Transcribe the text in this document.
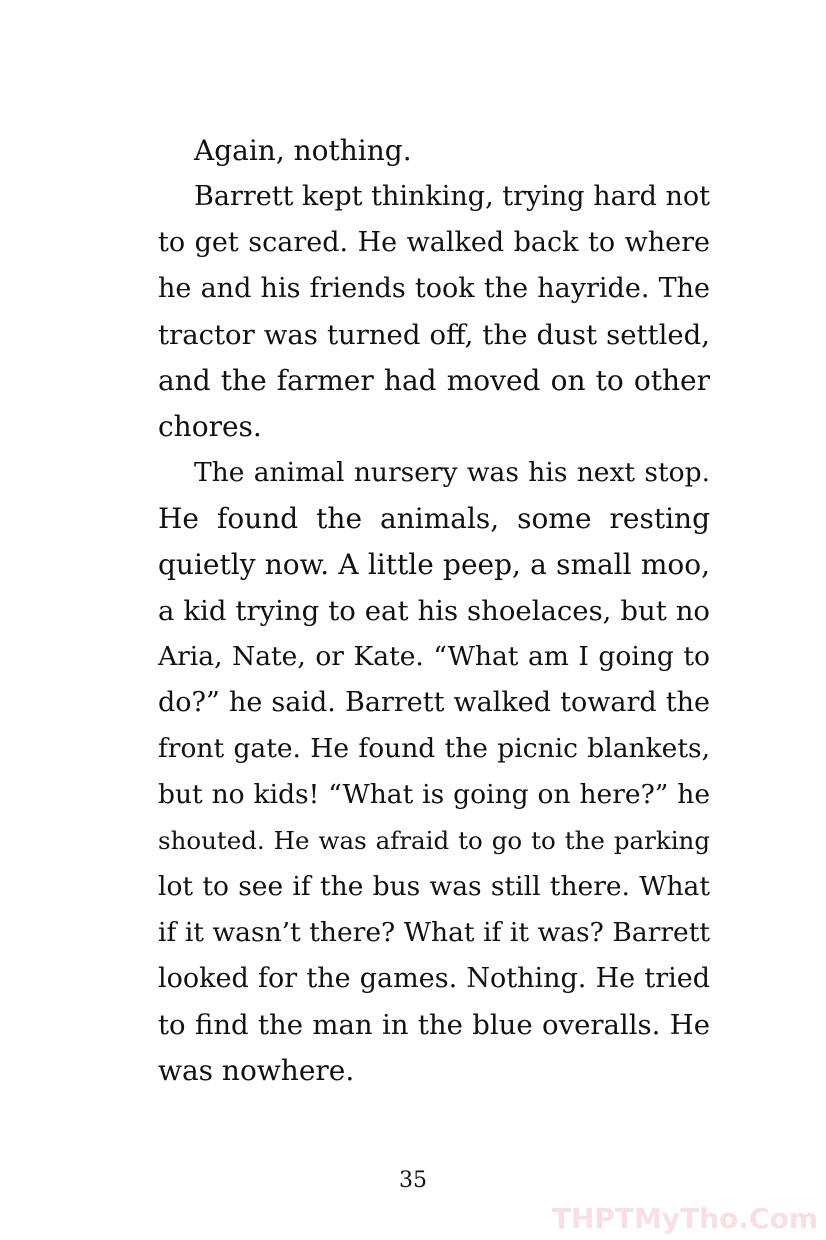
Again, nothing.
Barrett kept thinking, trying hard not
to get scared. He walked back to where
he and his friends took the hayride. The
tractor was turned off, the dust settled,
and the farmer had moved on to other
chores.
The animal nursery was his next stop.
He found the animals, some resting
quietly now. A little peep, a small moo,
a kid trying to eat his shoelaces, but no
Aria, Nate, or Kate. “What am I going to
do?” he said. Barrett walked toward the
front gate. He found the picnic blankets,
but no kids! “What is going on here?” he
shouted. He was afraid to go to the parking
lot to see if the bus was still there. What
if it wasn’t there? What if it was? Barrett
looked for the games. Nothing. He tried
to find the man in the blue overalls. He
was nowhere.
35
THPTMyTho.Com
